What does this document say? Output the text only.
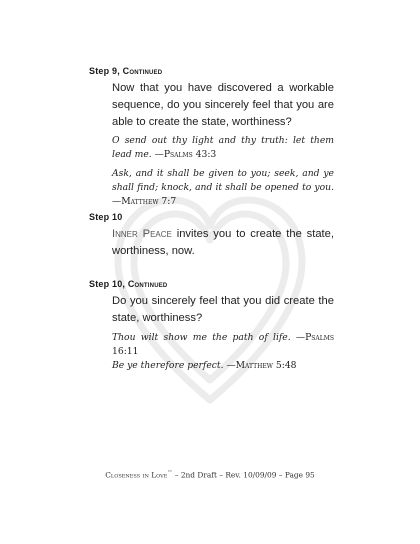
Step 9, Continued
Now that you have discovered a workable sequence, do you sincerely feel that you are able to create the state, worthiness?
O send out thy light and thy truth: let them lead me. —Psalms 43:3
Ask, and it shall be given to you; seek, and ye shall find; knock, and it shall be opened to you. —Matthew 7:7
Step 10
Inner Peace invites you to create the state, worthiness, now.
Step 10, Continued
Do you sincerely feel that you did create the state, worthiness?
Thou wilt show me the path of life. —Psalms 16:11
Be ye therefore perfect. —Matthew 5:48
Closeness in Love™ – 2nd Draft – Rev. 10/09/09 – Page 95
